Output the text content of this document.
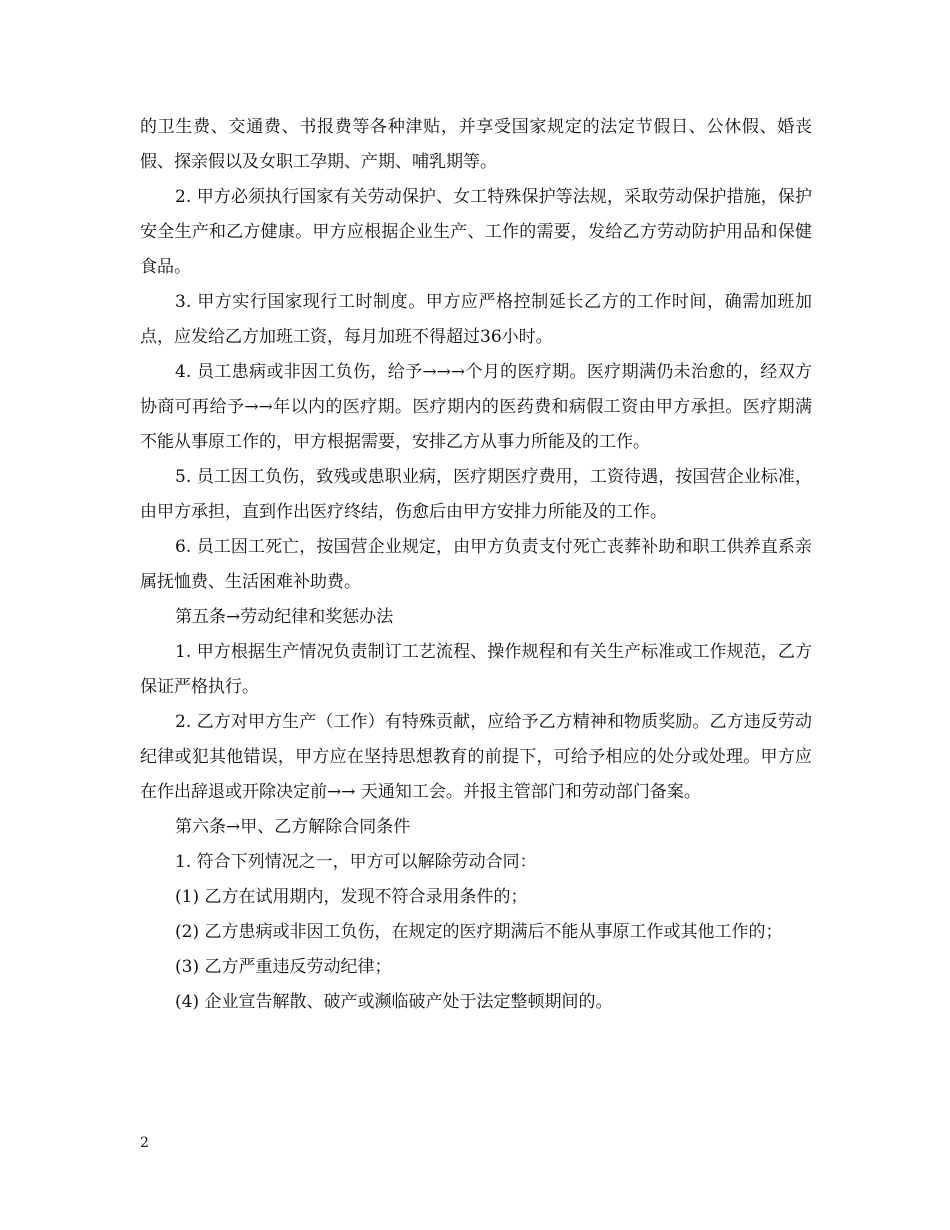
的卫生费、交通费、书报费等各种津贴，并享受国家规定的法定节假日、公休假、婚丧假、探亲假以及女职工孕期、产期、哺乳期等。

2. 甲方必须执行国家有关劳动保护、女工特殊保护等法规，采取劳动保护措施，保护安全生产和乙方健康。甲方应根据企业生产、工作的需要，发给乙方劳动防护用品和保健食品。

3. 甲方实行国家现行工时制度。甲方应严格控制延长乙方的工作时间，确需加班加点，应发给乙方加班工资，每月加班不得超过36小时。

4. 员工患病或非因工负伤，给予→→→个月的医疗期。医疗期满仍未治愈的，经双方协商可再给予→→年以内的医疗期。医疗期内的医药费和病假工资由甲方承担。医疗期满不能从事原工作的，甲方根据需要，安排乙方从事力所能及的工作。

5. 员工因工负伤，致残或患职业病，医疗期医疗费用，工资待遇，按国营企业标准，由甲方承担，直到作出医疗终结，伤愈后由甲方安排力所能及的工作。

6. 员工因工死亡，按国营企业规定，由甲方负责支付死亡丧葬补助和职工供养直系亲属抚恤费、生活困难补助费。

第五条→劳动纪律和奖惩办法

1. 甲方根据生产情况负责制订工艺流程、操作规程和有关生产标准或工作规范，乙方保证严格执行。

2. 乙方对甲方生产（工作）有特殊贡献，应给予乙方精神和物质奖励。乙方违反劳动纪律或犯其他错误，甲方应在坚持思想教育的前提下，可给予相应的处分或处理。甲方应在作出辞退或开除决定前→→ 天通知工会。并报主管部门和劳动部门备案。

第六条→甲、乙方解除合同条件

1. 符合下列情况之一，甲方可以解除劳动合同：

(1) 乙方在试用期内，发现不符合录用条件的；

(2) 乙方患病或非因工负伤，在规定的医疗期满后不能从事原工作或其他工作的；

(3) 乙方严重违反劳动纪律；

(4) 企业宣告解散、破产或濒临破产处于法定整顿期间的。

2
